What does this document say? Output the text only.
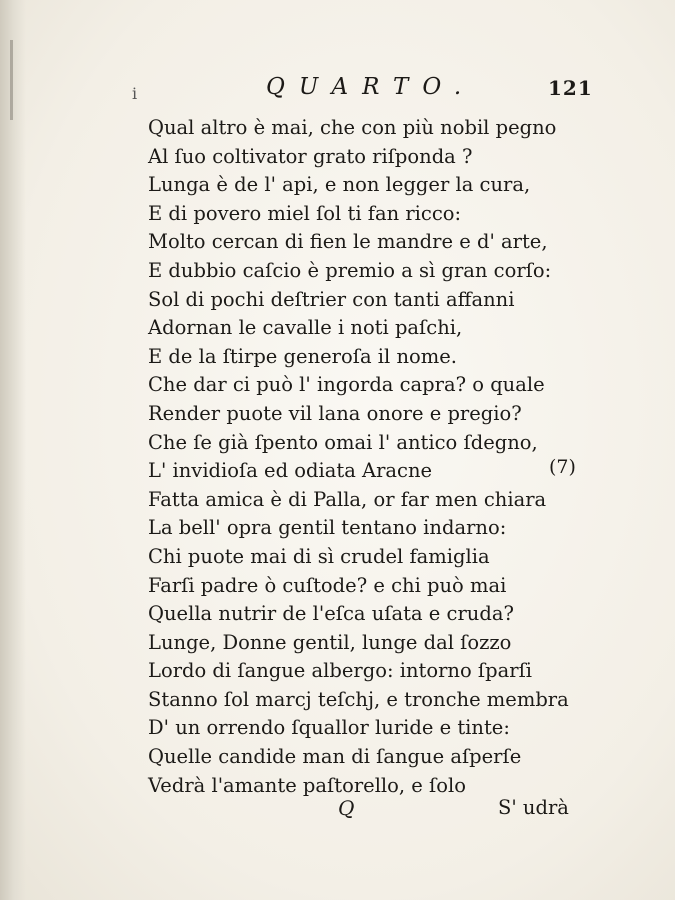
i	QUARTO.	121
Qual altro è mai, che con più nobil pegno
Al ſuo coltivator grato riſponda ?
Lunga è de l' api, e non legger la cura,
E di povero miel ſol ti fan ricco:
Molto cercan di fien le mandre e d' arte,
E dubbio caſcio è premio a sì gran corſo:
Sol di pochi deſtrier con tanti affanni
Adornan le cavalle i noti paſchi,
E de la ſtirpe generoſa il nome.
Che dar ci può l' ingorda capra? o quale
Render puote vil lana onore e pregio?
Che ſe già ſpento omai l' antico ſdegno,
L' invidioſa ed odiata Aracne
Fatta amica è di Palla, or far men chiara
La bell' opra gentil tentano indarno:
Chi puote mai di sì crudel famiglia
Farſi padre ò cuſtode? e chi può mai
Quella nutrir de l'eſca uſata e cruda?
Lunge, Donne gentil, lunge dal ſozzo
Lordo di ſangue albergo: intorno ſparſi
Stanno ſol marcj teſchj, e tronche membra
D' un orrendo ſquallor luride e tinte:
Quelle candide man di ſangue aſperſe
Vedrà l'amante paſtorello, e ſolo
(7)
Q	S' udrà
